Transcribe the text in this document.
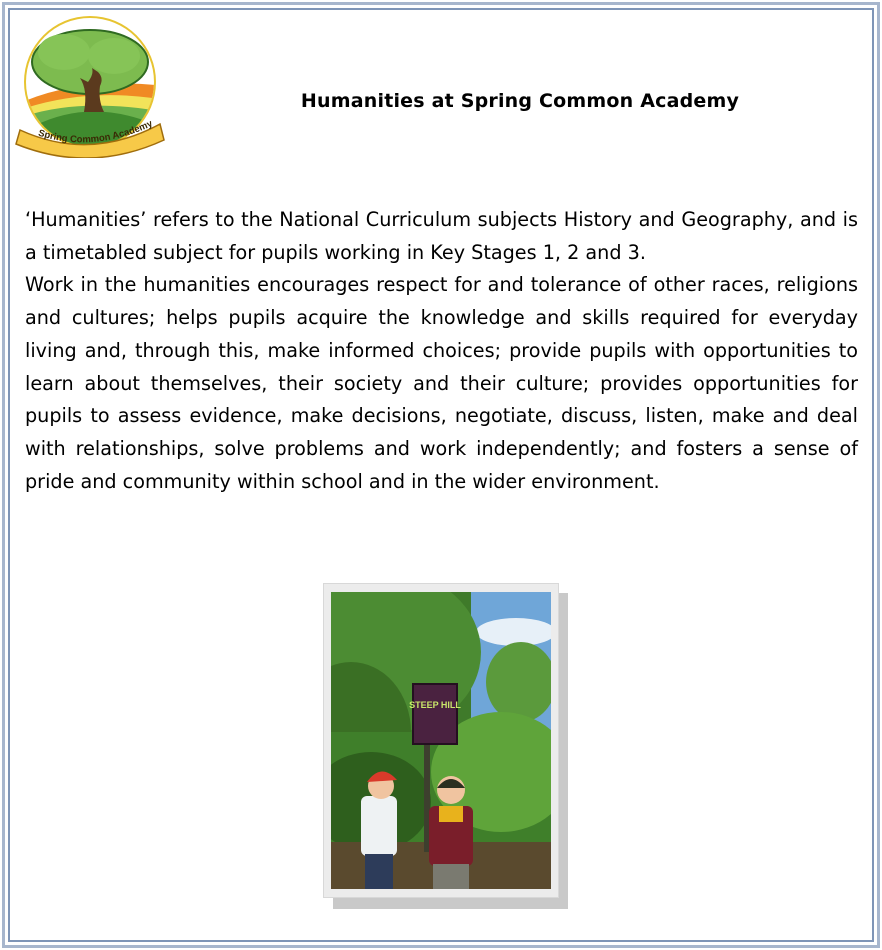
Spring Common Academy
Humanities at Spring Common Academy

‘Humanities’ refers to the National Curriculum subjects History and Geography, and is a timetabled subject for pupils working in Key Stages 1, 2 and 3.

Work in the humanities encourages respect for and tolerance of other races, religions and cultures; helps pupils acquire the knowledge and skills required for everyday living and, through this, make informed choices; provide pupils with opportunities to learn about themselves, their society and their culture; provides opportunities for pupils to assess evidence, make decisions, negotiate, discuss, listen, make and deal with relationships, solve problems and work independently; and fosters a sense of pride and community within school and in the wider environment.

STEEP HILL
